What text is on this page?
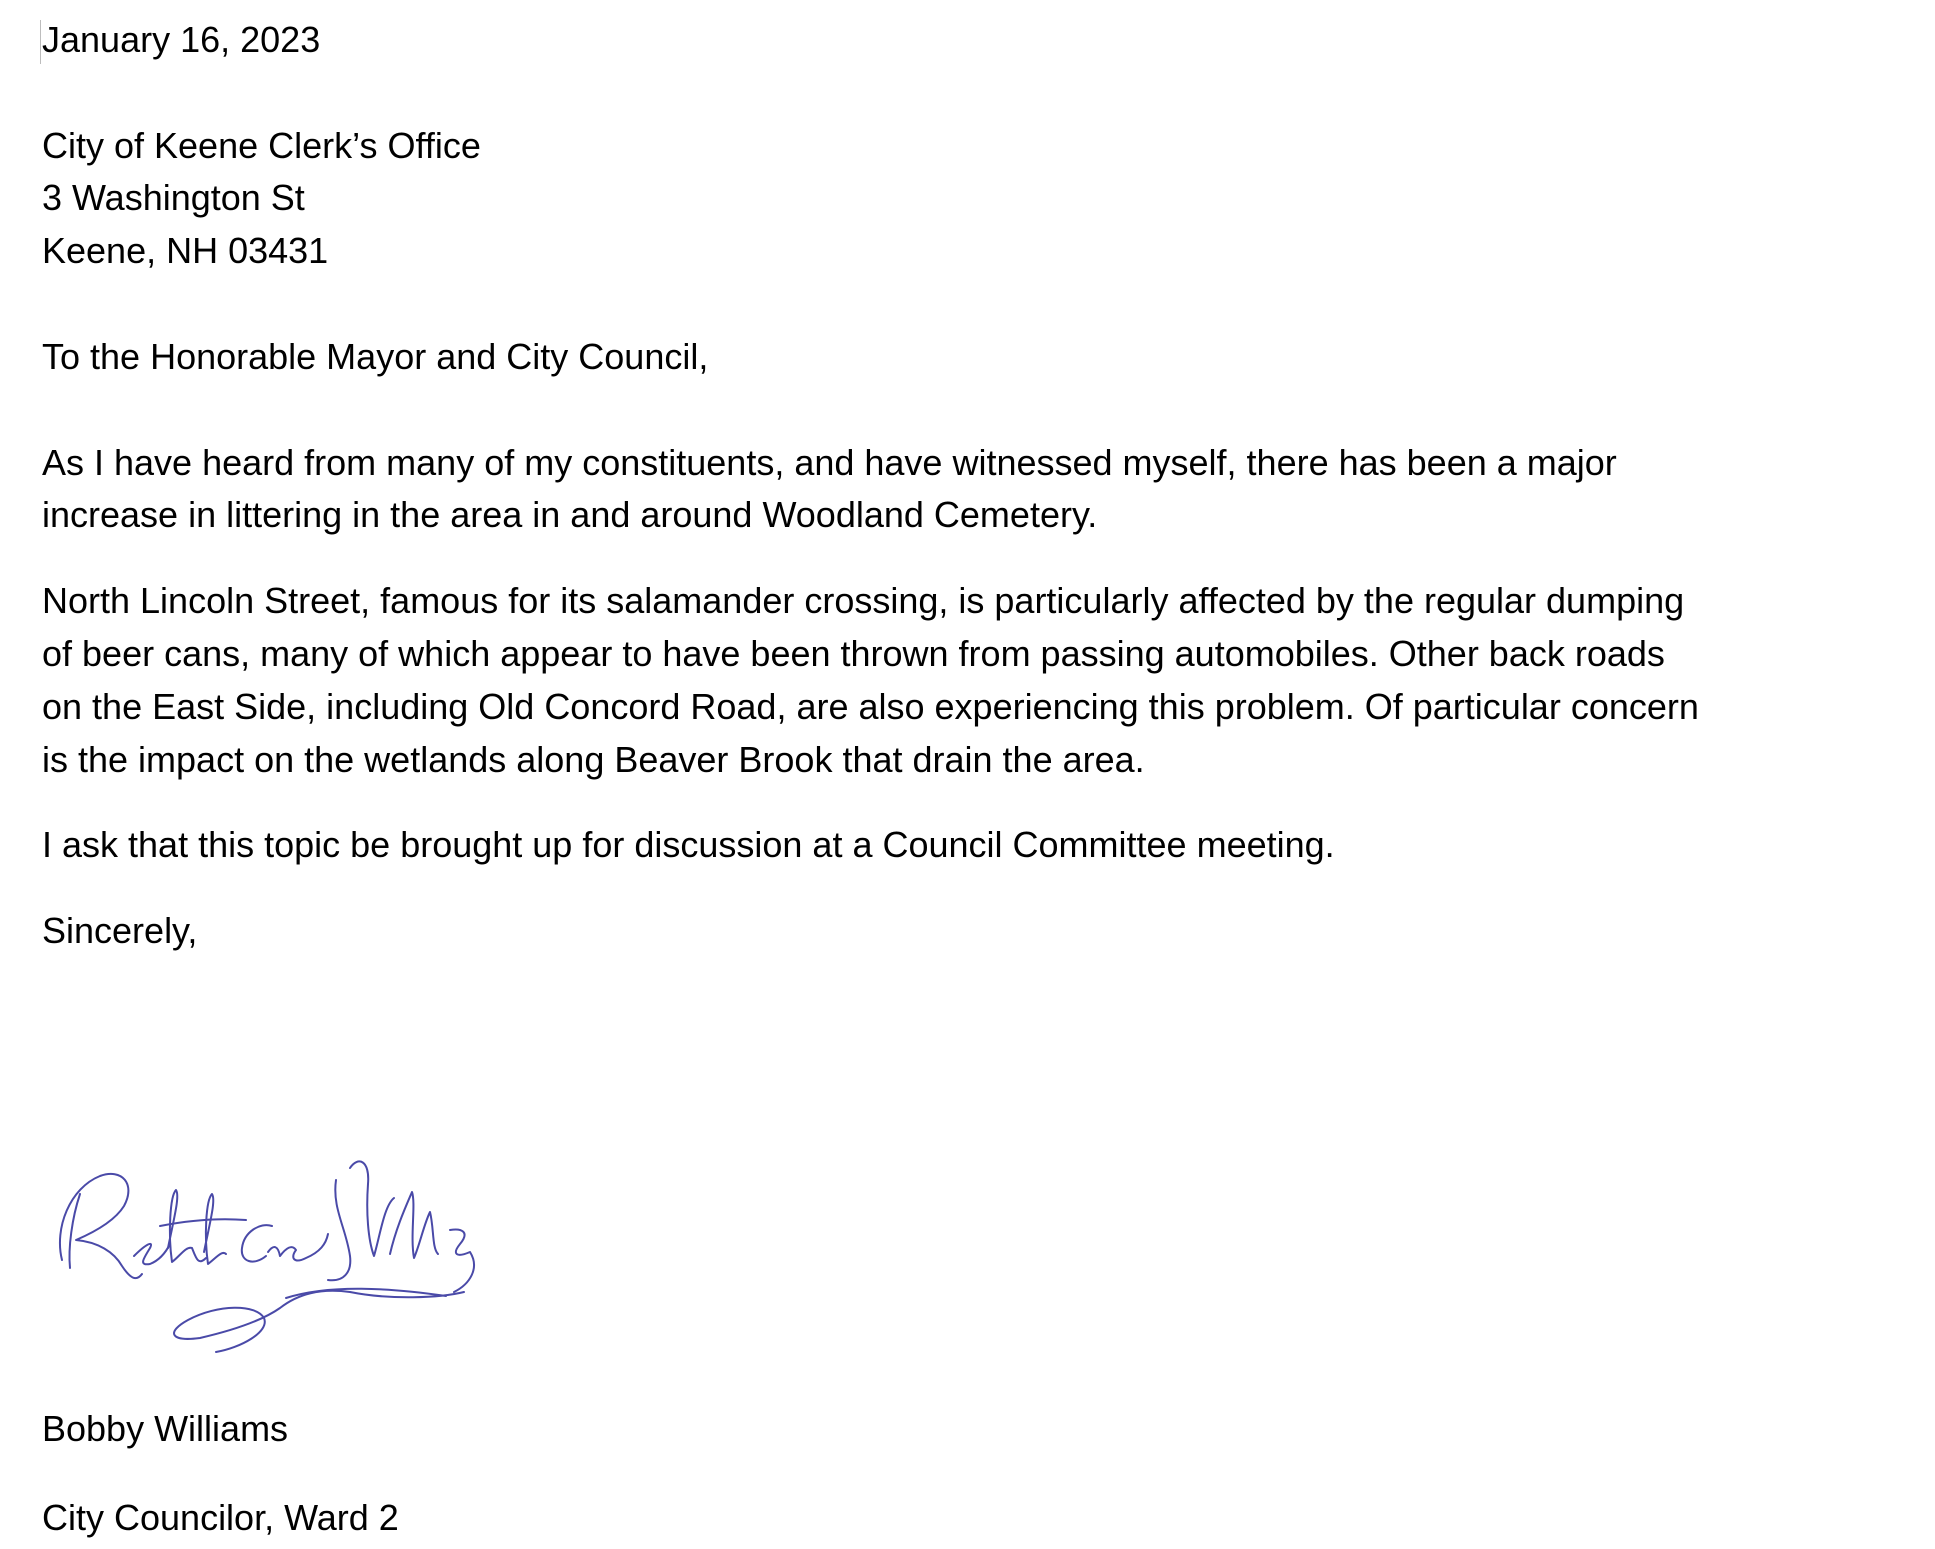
January 16, 2023
City of Keene Clerk’s Office
3 Washington St
Keene, NH 03431
To the Honorable Mayor and City Council,
As I have heard from many of my constituents, and have witnessed myself, there has been a major
increase in littering in the area in and around Woodland Cemetery.
North Lincoln Street, famous for its salamander crossing, is particularly affected by the regular dumping
of beer cans, many of which appear to have been thrown from passing automobiles. Other back roads
on the East Side, including Old Concord Road, are also experiencing this problem. Of particular concern
is the impact on the wetlands along Beaver Brook that drain the area.
I ask that this topic be brought up for discussion at a Council Committee meeting.
Sincerely,
Bobby Williams
City Councilor, Ward 2
